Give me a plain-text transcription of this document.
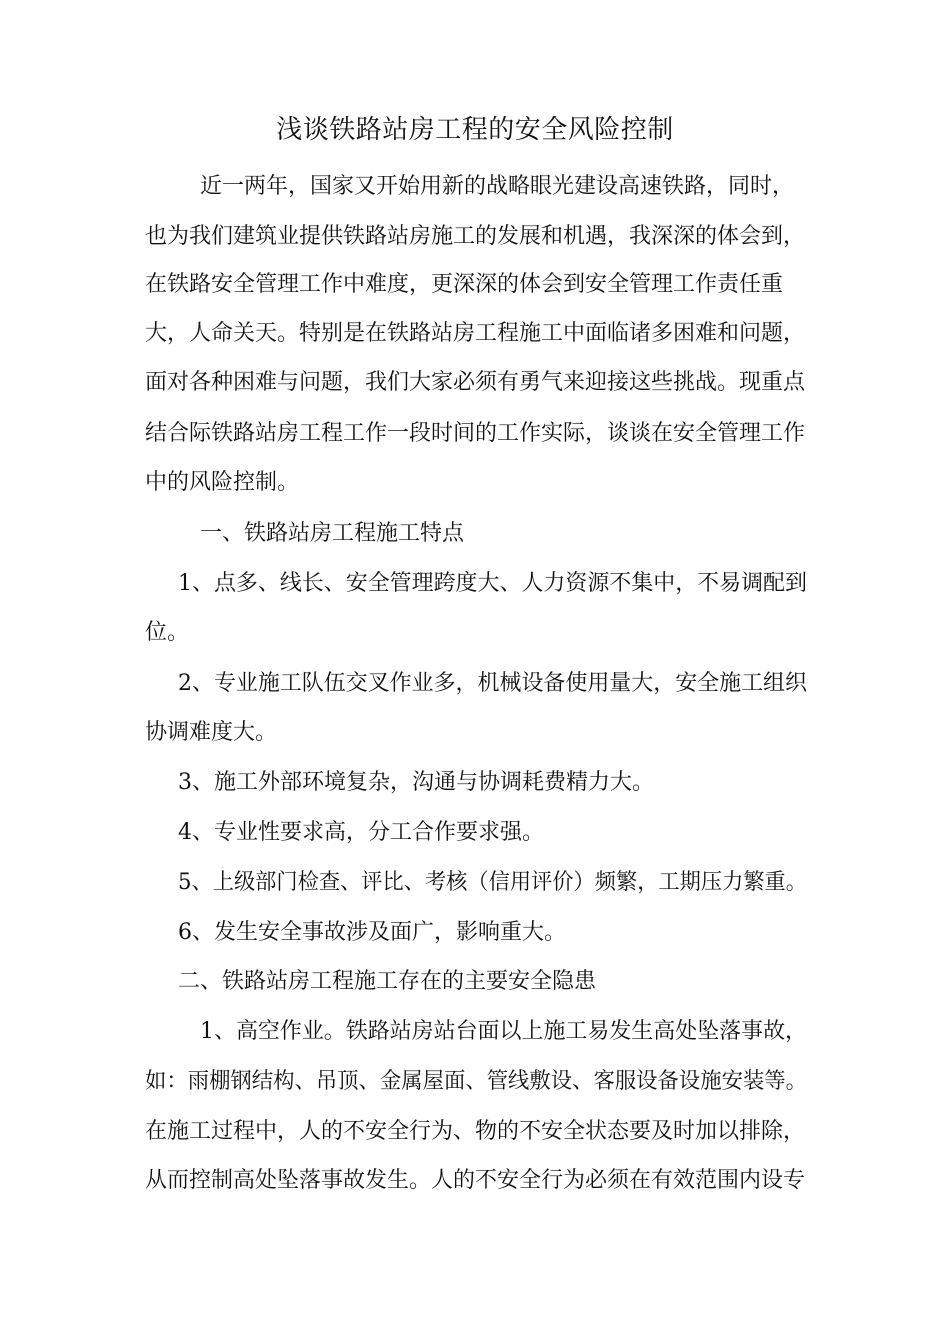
浅谈铁路站房工程的安全风险控制
近一两年，国家又开始用新的战略眼光建设高速铁路，同时，
也为我们建筑业提供铁路站房施工的发展和机遇，我深深的体会到，
在铁路安全管理工作中难度，更深深的体会到安全管理工作责任重
大，人命关天。特别是在铁路站房工程施工中面临诸多困难和问题，
面对各种困难与问题，我们大家必须有勇气来迎接这些挑战。现重点
结合际铁路站房工程工作一段时间的工作实际，谈谈在安全管理工作
中的风险控制。
一、铁路站房工程施工特点
1、点多、线长、安全管理跨度大、人力资源不集中，不易调配到
位。
2、专业施工队伍交叉作业多，机械设备使用量大，安全施工组织
协调难度大。
3、施工外部环境复杂，沟通与协调耗费精力大。
4、专业性要求高，分工合作要求强。
5、上级部门检查、评比、考核（信用评价）频繁，工期压力繁重。
6、发生安全事故涉及面广，影响重大。
二、铁路站房工程施工存在的主要安全隐患
1、高空作业。铁路站房站台面以上施工易发生高处坠落事故，
如：雨棚钢结构、吊顶、金属屋面、管线敷设、客服设备设施安装等。
在施工过程中，人的不安全行为、物的不安全状态要及时加以排除，
从而控制高处坠落事故发生。人的不安全行为必须在有效范围内设专
